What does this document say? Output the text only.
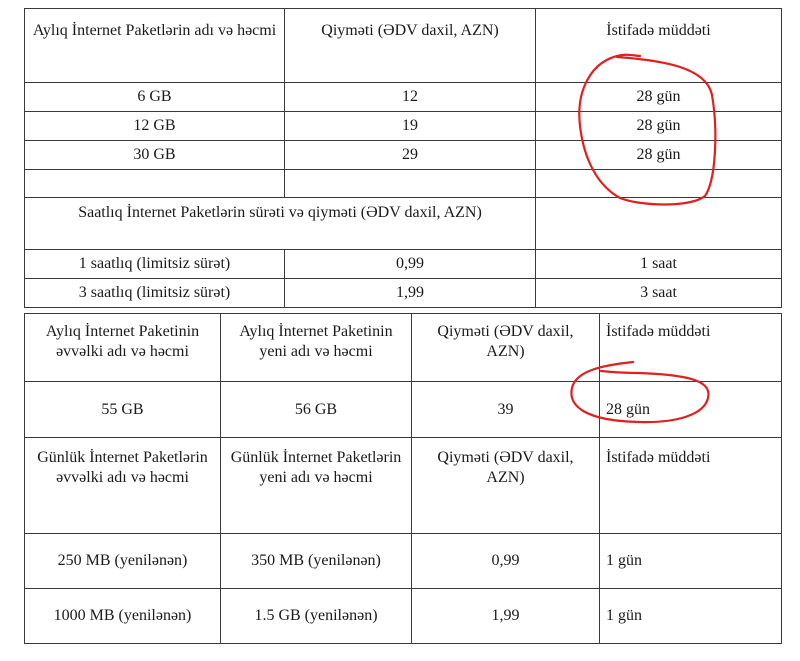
Aylıq İnternet Paketlərin adı və həcmi	Qiyməti (ƏDV daxil, AZN)	İstifadə müddəti
6 GB	12	28 gün
12 GB	19	28 gün
30 GB	29	28 gün

Saatlıq İnternet Paketlərin sürəti və qiyməti (ƏDV daxil, AZN)		
1 saatlıq (limitsiz sürət)	0,99	1 saat
3 saatlıq (limitsiz sürət)	1,99	3 saat
Aylıq İnternet Paketinin əvvəlki adı və həcmi	Aylıq İnternet Paketinin yeni adı və həcmi	Qiyməti (ƏDV daxil, AZN)	İstifadə müddəti
55 GB	56 GB	39	28 gün
Günlük İnternet Paketlərin əvvəlki adı və həcmi	Günlük İnternet Paketlərin yeni adı və həcmi	Qiyməti (ƏDV daxil, AZN)	İstifadə müddəti
250 MB (yenilənən)	350 MB (yenilənən)	0,99	1 gün
1000 MB (yenilənən)	1.5 GB (yenilənən)	1,99	1 gün
